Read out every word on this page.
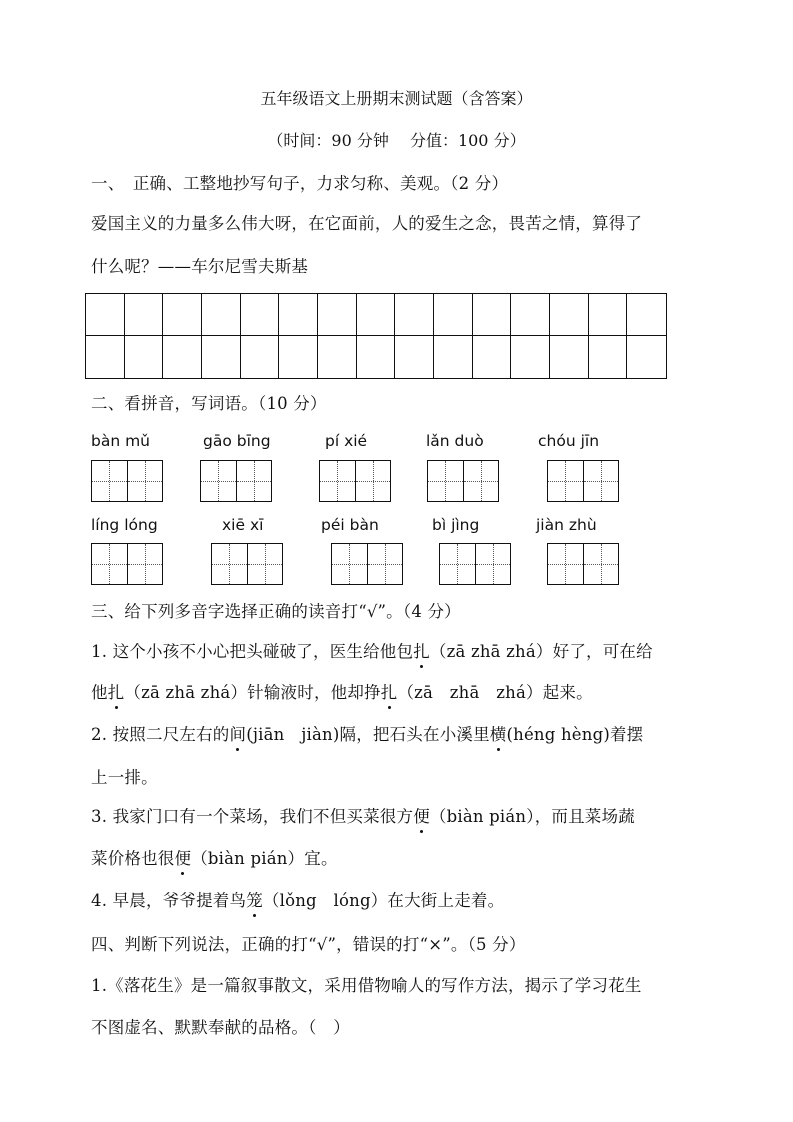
五年级语文上册期末测试题（含答案）
（时间：90 分钟　 分值：100 分）
一、　正确、工整地抄写句子，力求匀称、美观。（2 分）
爱国主义的力量多么伟大呀，在它面前，人的爱生之念，畏苦之情，算得了
什么呢？——车尔尼雪夫斯基
二、看拼音，写词语。（10 分）
bàn mǔ	gāo bīng	pí xié	lǎn duò	chóu jīn
líng lóng	xiē xī	péi bàn	bì jìng	jiàn zhù
三、给下列多音字选择正确的读音打“√”。（4 分）
1. 这个小孩不小心把头碰破了，医生给他包扎（zā zhā zhá）好了，可在给
他扎（zā zhā zhá）针输液时，他却挣扎（zā　zhā　zhá）起来。
2. 按照二尺左右的间(jiān　jiàn)隔，把石头在小溪里横(héng hèng)着摆
上一排。
3. 我家门口有一个菜场，我们不但买菜很方便（biàn pián），而且菜场蔬
菜价格也很便（biàn pián）宜。
4. 早晨，爷爷提着鸟笼（lǒng　lóng）在大街上走着。
四、判断下列说法，正确的打“√”，错误的打“×”。（5 分）
1.《落花生》是一篇叙事散文，采用借物喻人的写作方法，揭示了学习花生
不图虚名、默默奉献的品格。（　）
